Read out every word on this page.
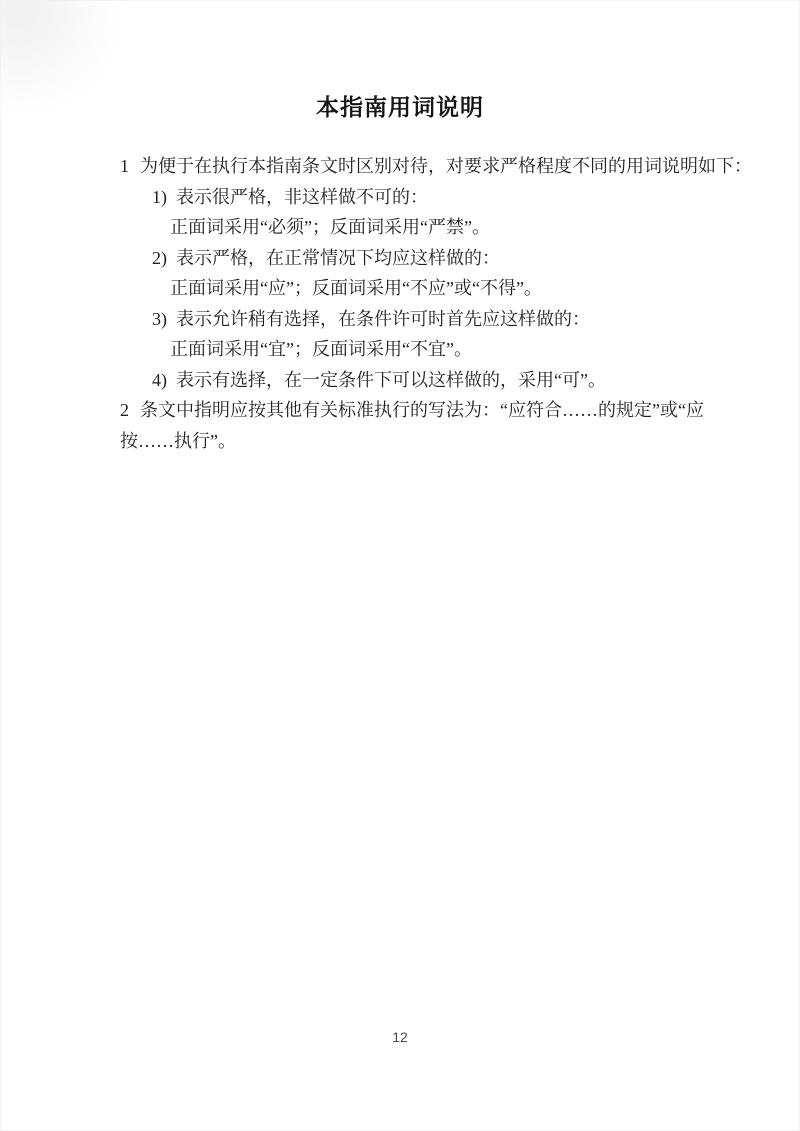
本指南用词说明

1 为便于在执行本指南条文时区别对待，对要求严格程度不同的用词说明如下：

1) 表示很严格，非这样做不可的：

正面词采用“必须”；反面词采用“严禁”。

2) 表示严格，在正常情况下均应这样做的：

正面词采用“应”；反面词采用“不应”或“不得”。

3) 表示允许稍有选择，在条件许可时首先应这样做的：

正面词采用“宜”；反面词采用“不宜”。

4) 表示有选择，在一定条件下可以这样做的，采用“可”。

2 条文中指明应按其他有关标准执行的写法为：“应符合……的规定”或“应

按……执行”。

12
